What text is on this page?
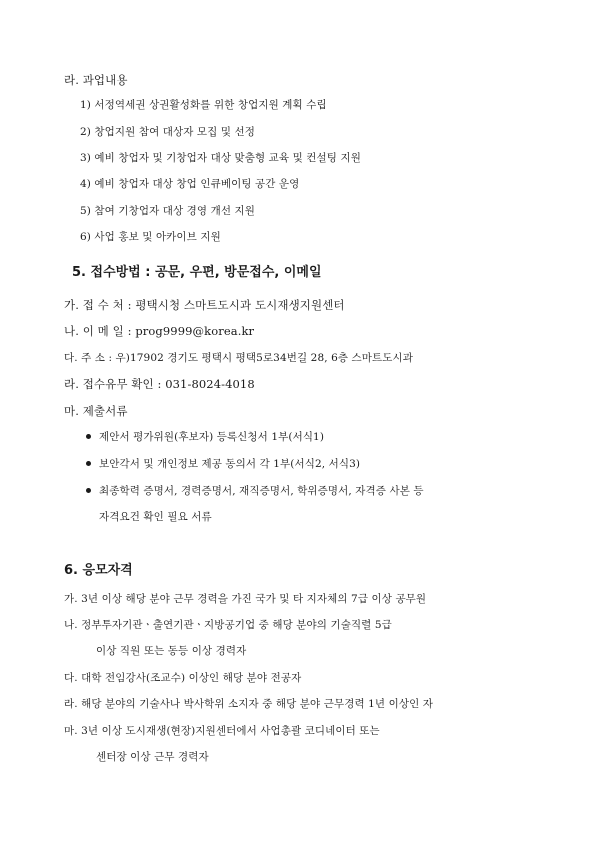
라. 과업내용
1) 서정역세권 상권활성화를 위한 창업지원 계획 수립
2) 창업지원 참여 대상자 모집 및 선정
3) 예비 창업자 및 기창업자 대상 맞춤형 교육 및 컨설팅 지원
4) 예비 창업자 대상 창업 인큐베이팅 공간 운영
5) 참여 기창업자 대상 경영 개선 지원
6) 사업 홍보 및 아카이브 지원
5. 접수방법 : 공문, 우편, 방문접수, 이메일
가. 접 수 처 : 평택시청 스마트도시과 도시재생지원센터
나. 이 메 일 : prog9999@korea.kr
다. 주 소 : 우)17902 경기도 평택시 평택5로34번길 28, 6층 스마트도시과
라. 접수유무 확인 : 031-8024-4018
마. 제출서류
제안서 평가위원(후보자) 등록신청서 1부(서식1)
보안각서 및 개인정보 제공 동의서 각 1부(서식2, 서식3)
최종학력 증명서, 경력증명서, 재직증명서, 학위증명서, 자격증 사본 등
자격요건 확인 필요 서류
6. 응모자격
가. 3년 이상 해당 분야 근무 경력을 가진 국가 및 타 지자체의 7급 이상 공무원
나. 정부투자기관ㆍ출연기관ㆍ지방공기업 중 해당 분야의 기술직렬 5급
이상 직원 또는 동등 이상 경력자
다. 대학 전임강사(조교수) 이상인 해당 분야 전공자
라. 해당 분야의 기술사나 박사학위 소지자 중 해당 분야 근무경력 1년 이상인 자
마. 3년 이상 도시재생(현장)지원센터에서 사업총괄 코디네이터 또는
센터장 이상 근무 경력자
